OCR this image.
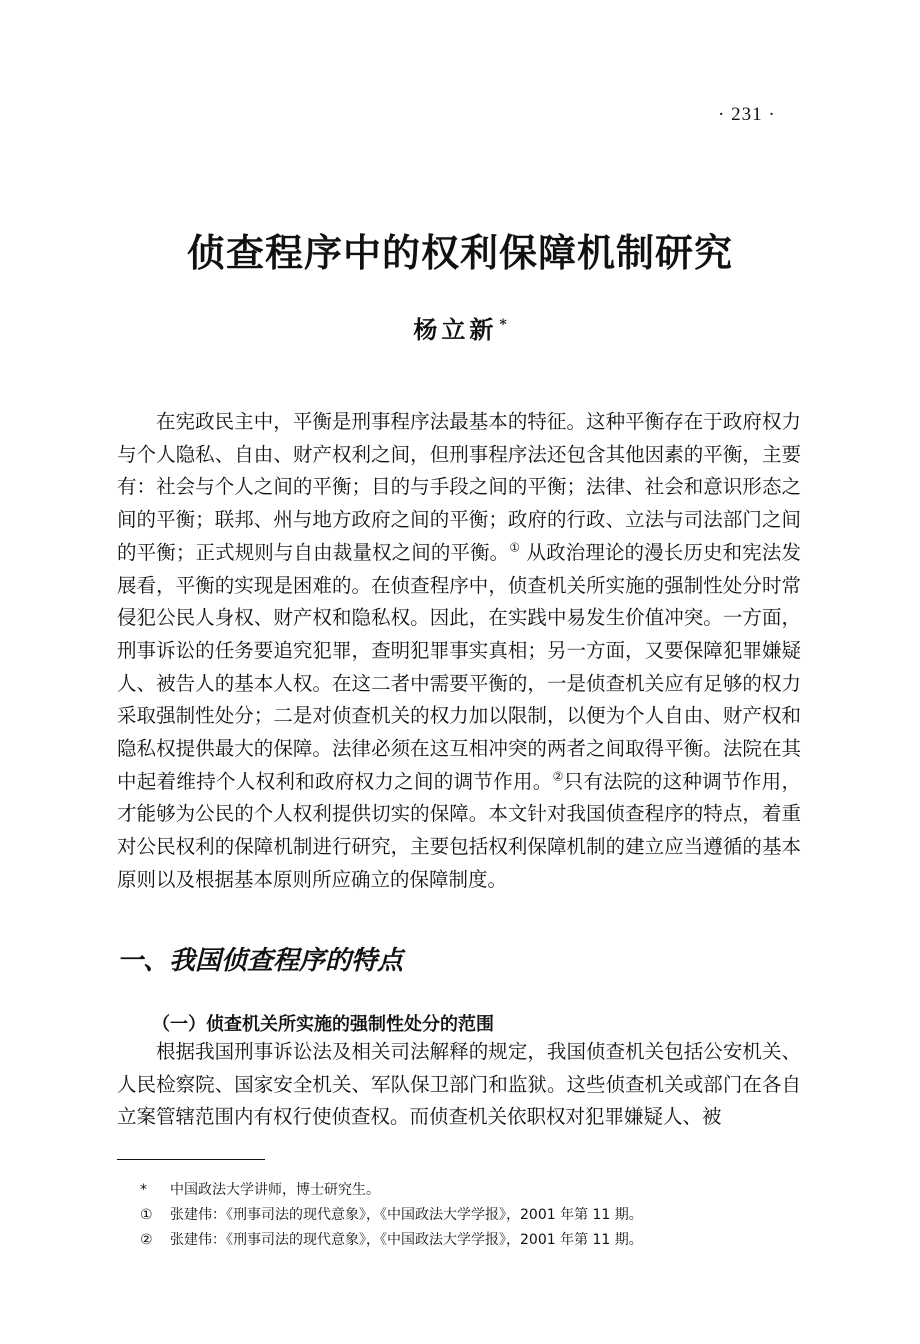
· 231 ·
侦查程序中的权利保障机制研究
杨立新 *

在宪政民主中，平衡是刑事程序法最基本的特征。这种平衡存在于政府权力与个人隐私、自由、财产权利之间，但刑事程序法还包含其他因素的平衡，主要有：社会与个人之间的平衡；目的与手段之间的平衡；法律、社会和意识形态之间的平衡；联邦、州与地方政府之间的平衡；政府的行政、立法与司法部门之间的平衡；正式规则与自由裁量权之间的平衡。① 从政治理论的漫长历史和宪法发展看，平衡的实现是困难的。在侦查程序中，侦查机关所实施的强制性处分时常侵犯公民人身权、财产权和隐私权。因此，在实践中易发生价值冲突。一方面，刑事诉讼的任务要追究犯罪，查明犯罪事实真相；另一方面，又要保障犯罪嫌疑人、被告人的基本人权。在这二者中需要平衡的，一是侦查机关应有足够的权力采取强制性处分；二是对侦查机关的权力加以限制，以便为个人自由、财产权和隐私权提供最大的保障。法律必须在这互相冲突的两者之间取得平衡。法院在其中起着维持个人权利和政府权力之间的调节作用。②只有法院的这种调节作用，才能够为公民的个人权利提供切实的保障。本文针对我国侦查程序的特点，着重对公民权利的保障机制进行研究，主要包括权利保障机制的建立应当遵循的基本原则以及根据基本原则所应确立的保障制度。

一、我国侦查程序的特点
（一）侦查机关所实施的强制性处分的范围

根据我国刑事诉讼法及相关司法解释的规定，我国侦查机关包括公安机关、人民检察院、国家安全机关、军队保卫部门和监狱。这些侦查机关或部门在各自立案管辖范围内有权行使侦查权。而侦查机关依职权对犯罪嫌疑人、被

*	中国政法大学讲师，博士研究生。
①	张建伟：《刑事司法的现代意象》，《中国政法大学学报》，2001 年第 11 期。
②	张建伟：《刑事司法的现代意象》，《中国政法大学学报》，2001 年第 11 期。
